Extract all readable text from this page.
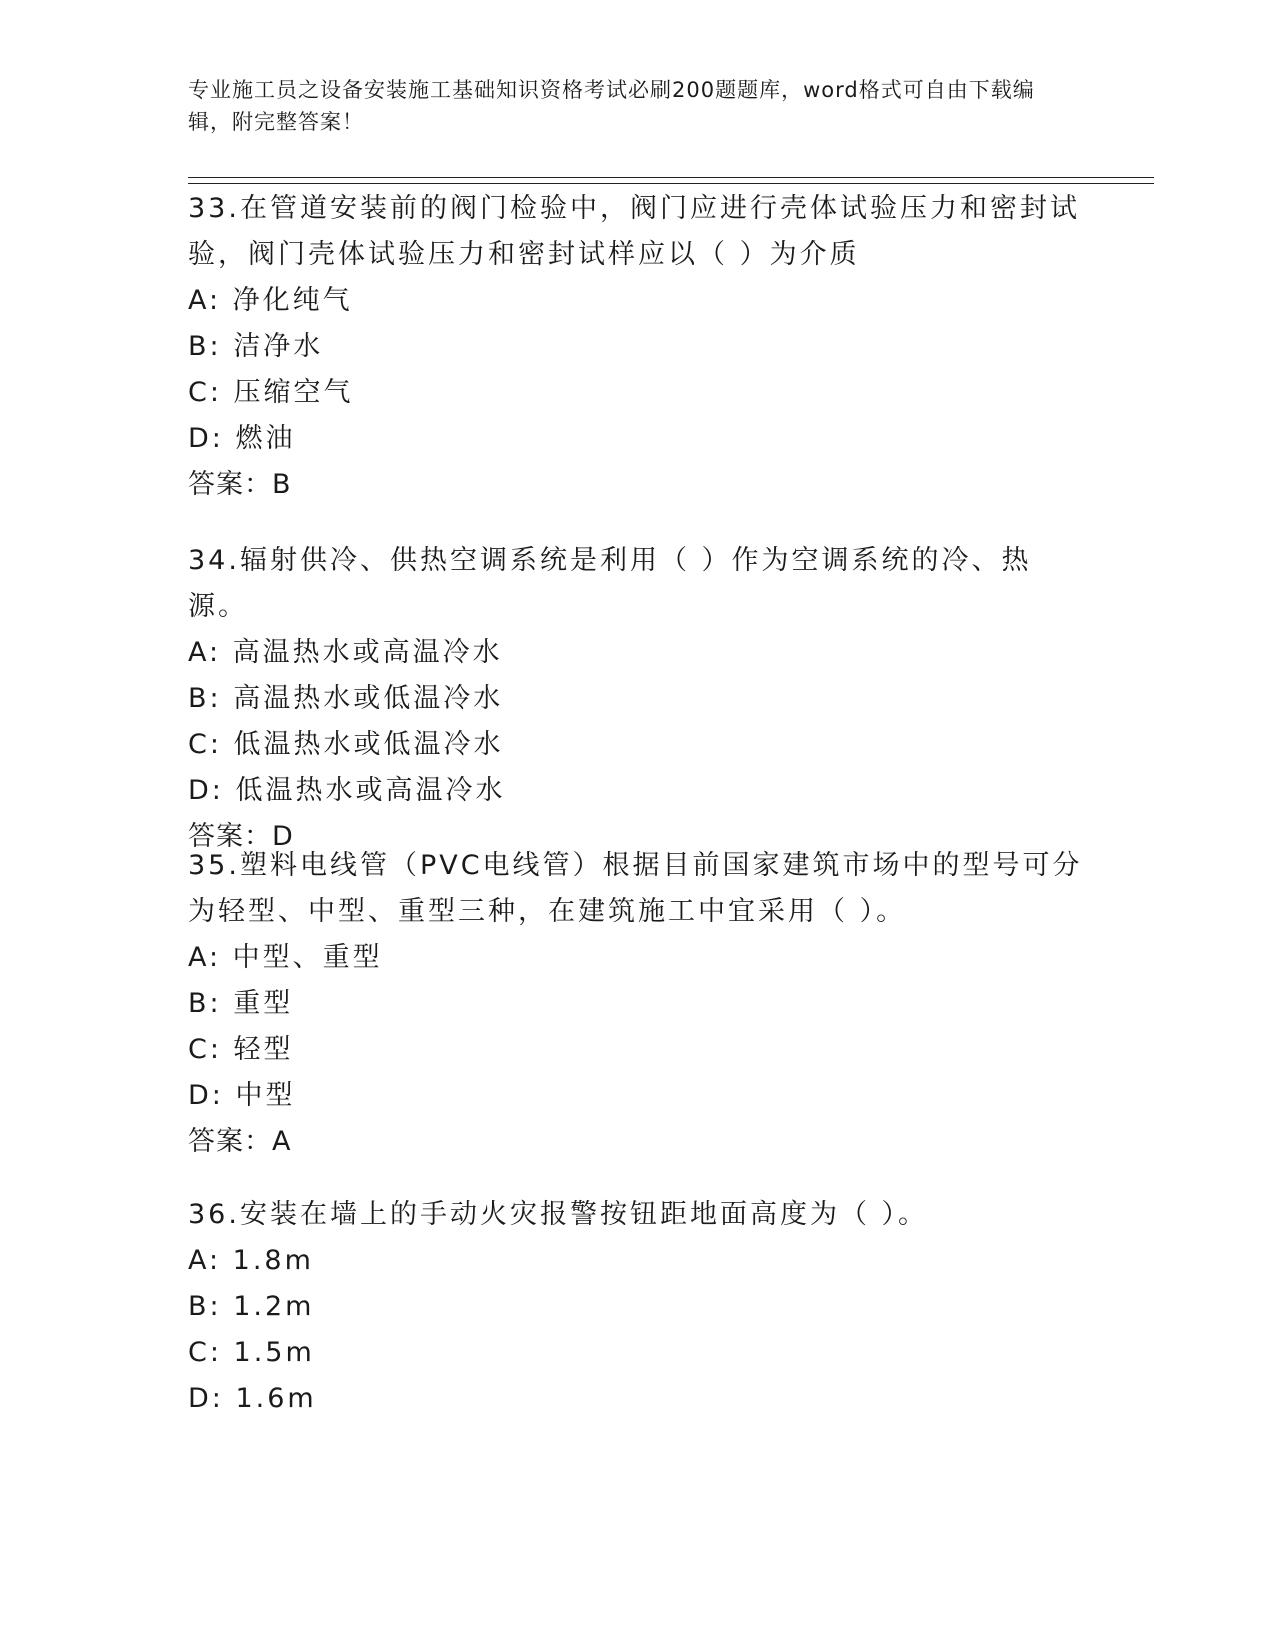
专业施工员之设备安装施工基础知识资格考试必刷200题题库，word格式可自由下载编辑，附完整答案！
33.在管道安装前的阀门检验中，阀门应进行壳体试验压力和密封试验，阀门壳体试验压力和密封试样应以（ ）为介质
A: 净化纯气
B: 洁净水
C: 压缩空气
D: 燃油
答案：B
34.辐射供冷、供热空调系统是利用（ ）作为空调系统的冷、热源。
A: 高温热水或高温冷水
B: 高温热水或低温冷水
C: 低温热水或低温冷水
D: 低温热水或高温冷水
答案：D
35.塑料电线管（PVC电线管）根据目前国家建筑市场中的型号可分为轻型、中型、重型三种，在建筑施工中宜采用（ ）。
A: 中型、重型
B: 重型
C: 轻型
D: 中型
答案：A
36.安装在墙上的手动火灾报警按钮距地面高度为（ ）。
A: 1.8m
B: 1.2m
C: 1.5m
D: 1.6m
